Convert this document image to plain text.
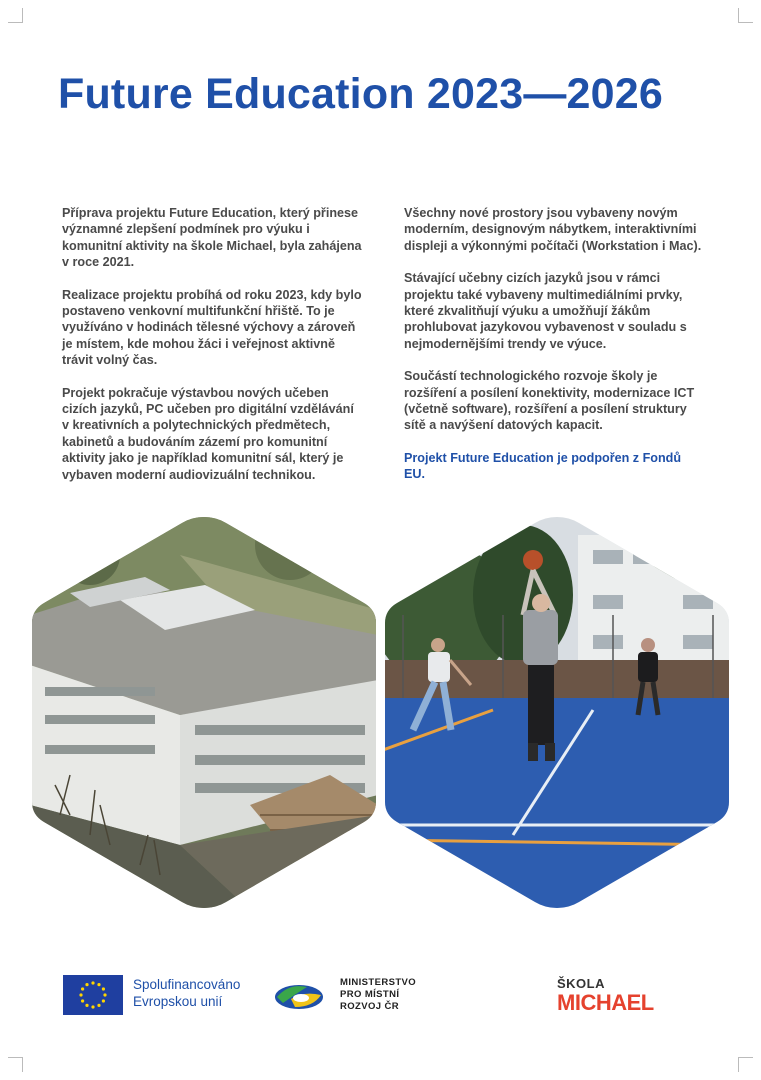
Future Education 2023—2026

Příprava projektu Future Education, který přinese významné zlepšení podmínek pro výuku i komunitní aktivity na škole Michael, byla zahájena v roce 2021.

Realizace projektu probíhá od roku 2023, kdy bylo postaveno venkovní multifunkční hřiště. To je využíváno v hodinách tělesné výchovy a zároveň je místem, kde mohou žáci i veřejnost aktivně trávit volný čas.

Projekt pokračuje výstavbou nových učeben cizích jazyků, PC učeben pro digitální vzdělávání v kreativních a polytechnických předmětech, kabinetů a budováním zázemí pro komunitní aktivity jako je například komunitní sál, který je vybaven moderní audiovizuální technikou.

Všechny nové prostory jsou vybaveny novým moderním, designovým nábytkem, interaktivními displeji a výkonnými počítači (Workstation i Mac).

Stávající učebny cizích jazyků jsou v rámci projektu také vybaveny multimediálními prvky, které zkvalitňují výuku a umožňují žákům prohlubovat jazykovou vybavenost v souladu s nejmodernějšími trendy ve výuce.

Součástí technologického rozvoje školy je rozšíření a posílení konektivity, modernizace ICT (včetně software), rozšíření a posílení struktury sítě a navýšení datových kapacit.

Projekt Future Education je podpořen z Fondů EU.

Spolufinancováno
Evropskou unií
MINISTERSTVO
PRO MÍSTNÍ
ROZVOJ ČR
ŠKOLA
MICHAEL
